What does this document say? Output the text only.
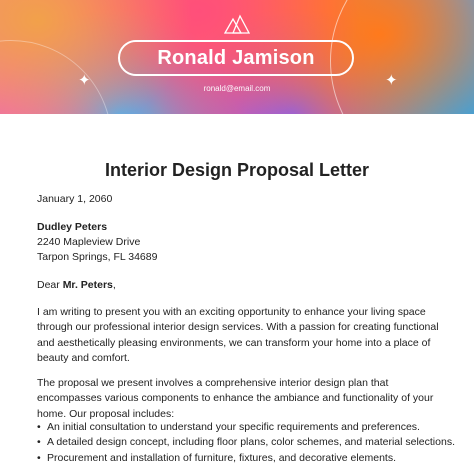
✦	✦
Ronald Jamison
ronald@email.com
Interior Design Proposal Letter
January 1, 2060
Dudley Peters
2240 Mapleview Drive
Tarpon Springs, FL 34689
Dear Mr. Peters,
I am writing to present you with an exciting opportunity to enhance your living space through our professional interior design services. With a passion for creating functional and aesthetically pleasing environments, we can transform your home into a place of beauty and comfort.
The proposal we present involves a comprehensive interior design plan that encompasses various components to enhance the ambiance and functionality of your home. Our proposal includes:
• An initial consultation to understand your specific requirements and preferences.
• A detailed design concept, including floor plans, color schemes, and material selections.
• Procurement and installation of furniture, fixtures, and decorative elements.
